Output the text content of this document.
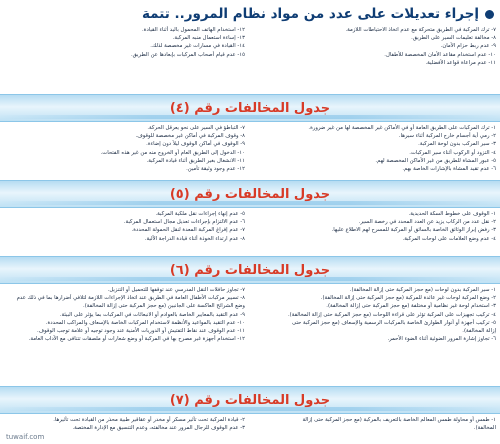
إجراء تعديلات على عدد من مواد نظام المرور.. تتمة
٧- ترك المركبة في الطريق متحركة مع عدم اتخاذ الاحتياطات اللازمة.
٨- مخالفة تعليمات السير على الطريق.
٩- عدم ربط حزام الأمان.
١٠- عدم استخدام مقاعد الأمان المخصصة للأطفال.
١١- عدم مراعاة قواعد الأفضلية.
١٢- استخدام الهاتف المحمول باليد أثناء القيادة.
١٣- إساءة استعمال منبه المركبة.
١٤- القيادة في مسارات غير مخصصة لذلك.
١٥- عدم قيام أصحاب المركبات بإبعادها عن الطريق.
جدول المخالفات رقم (٤)
١- ترك المركبات على الطريق العامة أو في الأماكن غير المخصصة لها من غير ضرورة.
٢- رمي أية أجسام خارج المركبة أثناء سيرها.
٣- سير المركب بدون لوحة المركبة.
٤- التزود أو الركوب أثناء سير المركبات.
٥- عبور المشاة للطريق من غير الأماكن المخصصة لهم.
٦- عدم تقيد المشاة بالإشارات الخاصة بهم.
٧- التباطؤ في السير على نحو يعرقل الحركة.
٨- وقوف المركبة في أماكن غير مخصصة للوقوف.
٩- الوقوف في أماكن الوقوف ليلاً دون إضاءة.
١٠- الدخول إلى الطريق العام أو الخروج منه من غير هذه الفتحات.
١١- الانشغال بغير الطريق أثناء قيادة المركبة.
١٢- عدم وجود وثيقة تأمين.
جدول المخالفات رقم (٥)
١- الوقوف على خطوط السكة الحديدية.
٢- نقل عدد من الركاب يزيد عن العدد المحدد في رخصة السير.
٣- رفض إبراز الوثائق الخاصة بالسائق أو المركبة للمسرح لهم الاطلاع عليها.
٤- عدم وضع العلامات على لوحات المركبة.
٥- عدم إنهاء إجراءات نقل ملكية المركبة.
٦- عدم الالتزام بإجراءات تعديل مجال استعمال المركبة.
٧- عدم إفراغ المركبة المعدة لنقل الحمولة المحددة.
٨- عدم ارتداء الخوذة أثناء قيادة الدراجة الآلية.
جدول المخالفات رقم (٦)
١- سير المركبة بدون لوحات (مع حجز المركبة حتى إزالة المخالفة).
٢- وضع المركبة لوحات غير عائدة للمركبة (مع حجز المركبة حتى إزالة المخالفة).
٣- استخدام لوحة غير نظامية أو مختلفة (مع حجز المركبة حتى إزالة المخالفة).
٤- تركيب تجهيزات على المركبة تؤثر على قراءة اللوحات (مع حجز المركبة حتى إزالة المخالفة).
٥- تركيب أجهزة أو أنوار الطوارئ الخاصة بالمركبات الرسمية والإسعاف (مع حجز المركبة حتى
إزالة المخالفة).
٦- تجاوز إشارة المرور الضوئية أثناء الضوء الأحمر.
٧- تجاوز حافلات النقل المدرسي عند توقفها للتحميل أو التنزيل.
٨- تسيير مركبات الأطفال العامة في الطريق عند اتخاذ الإجراءات اللازمة لتلافي أضرارها بما في ذلك عدم
وضع الشرائح العاكسة على الجانبين (مع حجز المركبة حتى إزالة المخالفة).
٩- عدم التقيد بالمعايير الخاصة بالعوادم أو الانبعاثات في المركبات بما يؤثر على البيئة.
١٠- عدم التقيد بالمواعيد والأنظمة لاستخدام المركبات الخاصة بالإسعاف والمراكب المحددة.
١١- عدم الوقوف عند نقاط التفتيش أو الدوريات الأمنية عند وجود توجيه أو علامة توجب الوقوف.
١٢- استخدام أجهزة غير مصرح بها في المركبة أو وضع شعارات أو ملصقات تتنافى مع الآداب العامة.
جدول المخالفات رقم (٧)
١- طمس أو محاولة طمس المعالم الخاصة بالتعريف بالمركبة (مع حجز المركبة حتى إزالة
المخالفة).
٢- قيادة المركبة تحت تأثير مسكر أو مخدر أو عقاقير طبية محذر من القيادة تحت تأثيرها.
٣- عدم الوقوف للرجال المرور عند مخالفته، وعدم التنسيق مع الإدارة المختصة.
tuwaif.com
